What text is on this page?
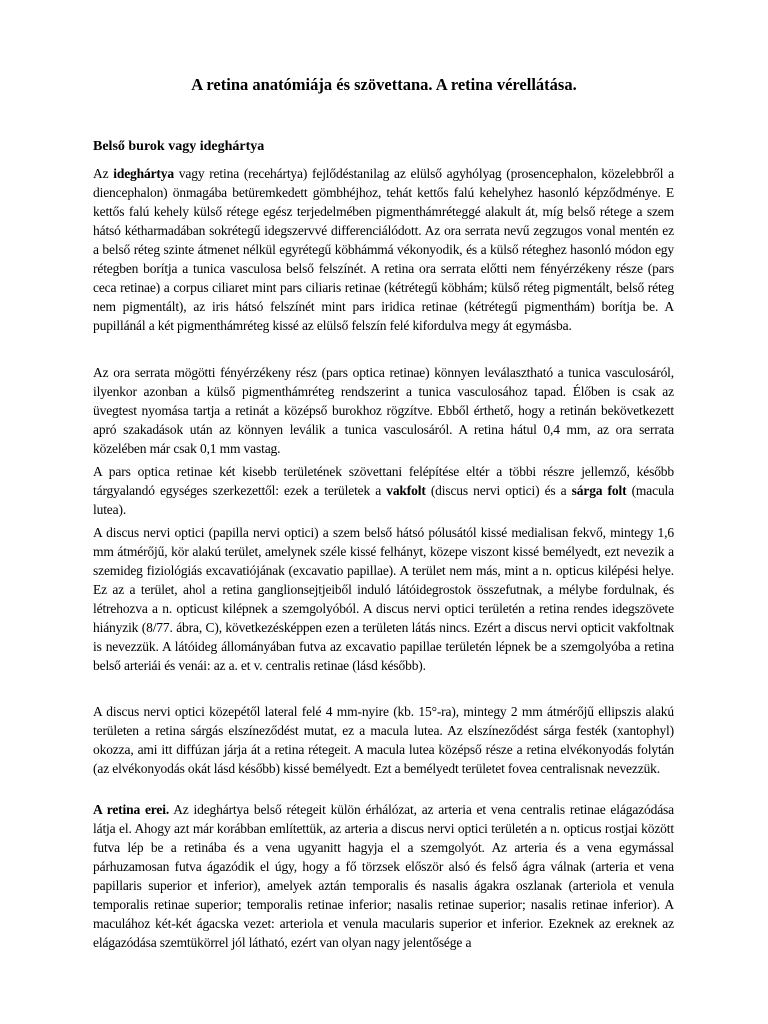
A retina anatómiája és szövettana. A retina vérellátása.
Belső burok vagy ideghártya

Az ideghártya vagy retina (recehártya) fejlődéstanilag az elülső agyhólyag (prosencephalon, közelebbről a diencephalon) önmagába betüremkedett gömbhéjhoz, tehát kettős falú kehelyhez hasonló képződménye. E kettős falú kehely külső rétege egész terjedelmében pigmenthámréteggé alakult át, míg belső rétege a szem hátsó kétharmadában sokrétegű idegszervvé differenciálódott. Az ora serrata nevű zegzugos vonal mentén ez a belső réteg szinte átmenet nélkül egyrétegű köbhámmá vékonyodik, és a külső réteghez hasonló módon egy rétegben borítja a tunica vasculosa belső felszínét. A retina ora serrata előtti nem fényérzékeny része (pars ceca retinae) a corpus ciliaret mint pars ciliaris retinae (kétrétegű köbhám; külső réteg pigmentált, belső réteg nem pigmentált), az iris hátsó felszínét mint pars iridica retinae (kétrétegű pigmenthám) borítja be. A pupillánál a két pigmenthámréteg kissé az elülső felszín felé kifordulva megy át egymásba.

Az ora serrata mögötti fényérzékeny rész (pars optica retinae) könnyen leválasztható a tunica vasculosáról, ilyenkor azonban a külső pigmenthámréteg rendszerint a tunica vasculosához tapad. Élőben is csak az üvegtest nyomása tartja a retinát a középső burokhoz rögzítve. Ebből érthető, hogy a retinán bekövetkezett apró szakadások után az könnyen leválik a tunica vasculosáról. A retina hátul 0,4 mm, az ora serrata közelében már csak 0,1 mm vastag.

A pars optica retinae két kisebb területének szövettani felépítése eltér a többi részre jellemző, később tárgyalandó egységes szerkezettől: ezek a területek a vakfolt (discus nervi optici) és a sárga folt (macula lutea).

A discus nervi optici (papilla nervi optici) a szem belső hátsó pólusától kissé medialisan fekvő, mintegy 1,6 mm átmérőjű, kör alakú terület, amelynek széle kissé felhányt, közepe viszont kissé bemélyedt, ezt nevezik a szemideg fiziológiás excavatiójának (excavatio papillae). A terület nem más, mint a n. opticus kilépési helye. Ez az a terület, ahol a retina ganglionsejtjeiből induló látóidegrostok összefutnak, a mélybe fordulnak, és létrehozva a n. opticust kilépnek a szemgolyóból. A discus nervi optici területén a retina rendes idegszövete hiányzik (8/77. ábra, C), következésképpen ezen a területen látás nincs. Ezért a discus nervi opticit vakfoltnak is nevezzük. A látóideg állományában futva az excavatio papillae területén lépnek be a szemgolyóba a retina belső arteriái és venái: az a. et v. centralis retinae (lásd később).

A discus nervi optici közepétől lateral felé 4 mm-nyire (kb. 15°-ra), mintegy 2 mm átmérőjű ellipszis alakú területen a retina sárgás elszíneződést mutat, ez a macula lutea. Az elszíneződést sárga festék (xantophyl) okozza, ami itt diffúzan járja át a retina rétegeit. A macula lutea középső része a retina elvékonyodás folytán (az elvékonyodás okát lásd később) kissé bemélyedt. Ezt a bemélyedt területet fovea centralisnak nevezzük.

A retina erei. Az ideghártya belső rétegeit külön érhálózat, az arteria et vena centralis retinae elágazódása látja el. Ahogy azt már korábban említettük, az arteria a discus nervi optici területén a n. opticus rostjai között futva lép be a retinába és a vena ugyanitt hagyja el a szemgolyót. Az arteria és a vena egymással párhuzamosan futva ágazódik el úgy, hogy a fő törzsek először alsó és felső ágra válnak (arteria et vena papillaris superior et inferior), amelyek aztán temporalis és nasalis ágakra oszlanak (arteriola et venula temporalis retinae superior; temporalis retinae inferior; nasalis retinae superior; nasalis retinae inferior). A maculához két-két ágacska vezet: arteriola et venula macularis superior et inferior. Ezeknek az ereknek az elágazódása szemtükörrel jól látható, ezért van olyan nagy jelentősége a
